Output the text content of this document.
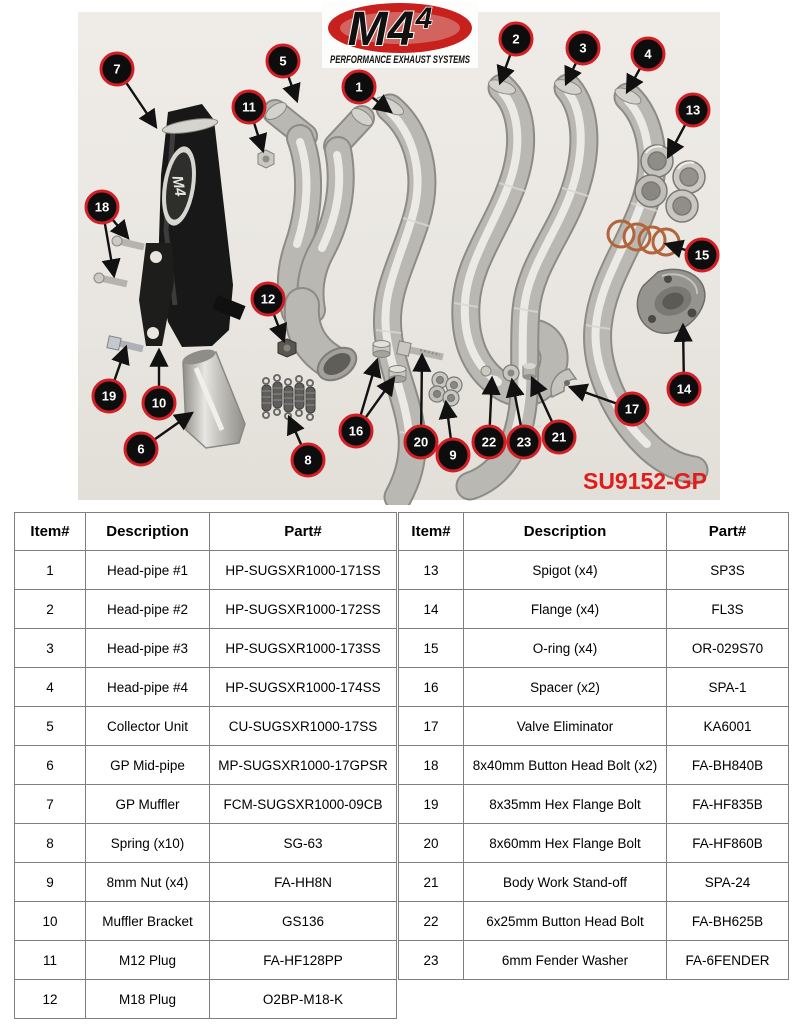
M4
M4 4
PERFORMANCE EXHAUST SYSTEMS
SU9152-GP
1
2
3	4
5
6
7
8	9
10
11
12
13
14
15
16
17
18
19
20	21
22 23
Item#	Description	Part#
1	Head-pipe #1	HP-SUGSXR1000-171SS
2	Head-pipe #2	HP-SUGSXR1000-172SS
3	Head-pipe #3	HP-SUGSXR1000-173SS
4	Head-pipe #4	HP-SUGSXR1000-174SS
5	Collector Unit	CU-SUGSXR1000-17SS
6	GP Mid-pipe	MP-SUGSXR1000-17GPSR
7	GP Muffler	FCM-SUGSXR1000-09CB
8	Spring (x10)	SG-63
9	8mm Nut (x4)	FA-HH8N
10	Muffler Bracket	GS136
11	M12 Plug	FA-HF128PP
12	M18 Plug	O2BP-M18-K
Item#	Description	Part#
13	Spigot (x4)	SP3S
14	Flange (x4)	FL3S
15	O-ring (x4)	OR-029S70
16	Spacer (x2)	SPA-1
17	Valve Eliminator	KA6001
18	8x40mm Button Head Bolt (x2)	FA-BH840B
19	8x35mm Hex Flange Bolt	FA-HF835B
20	8x60mm Hex Flange Bolt	FA-HF860B
21	Body Work Stand-off	SPA-24
22	6x25mm Button Head Bolt	FA-BH625B
23	6mm Fender Washer	FA-6FENDER
